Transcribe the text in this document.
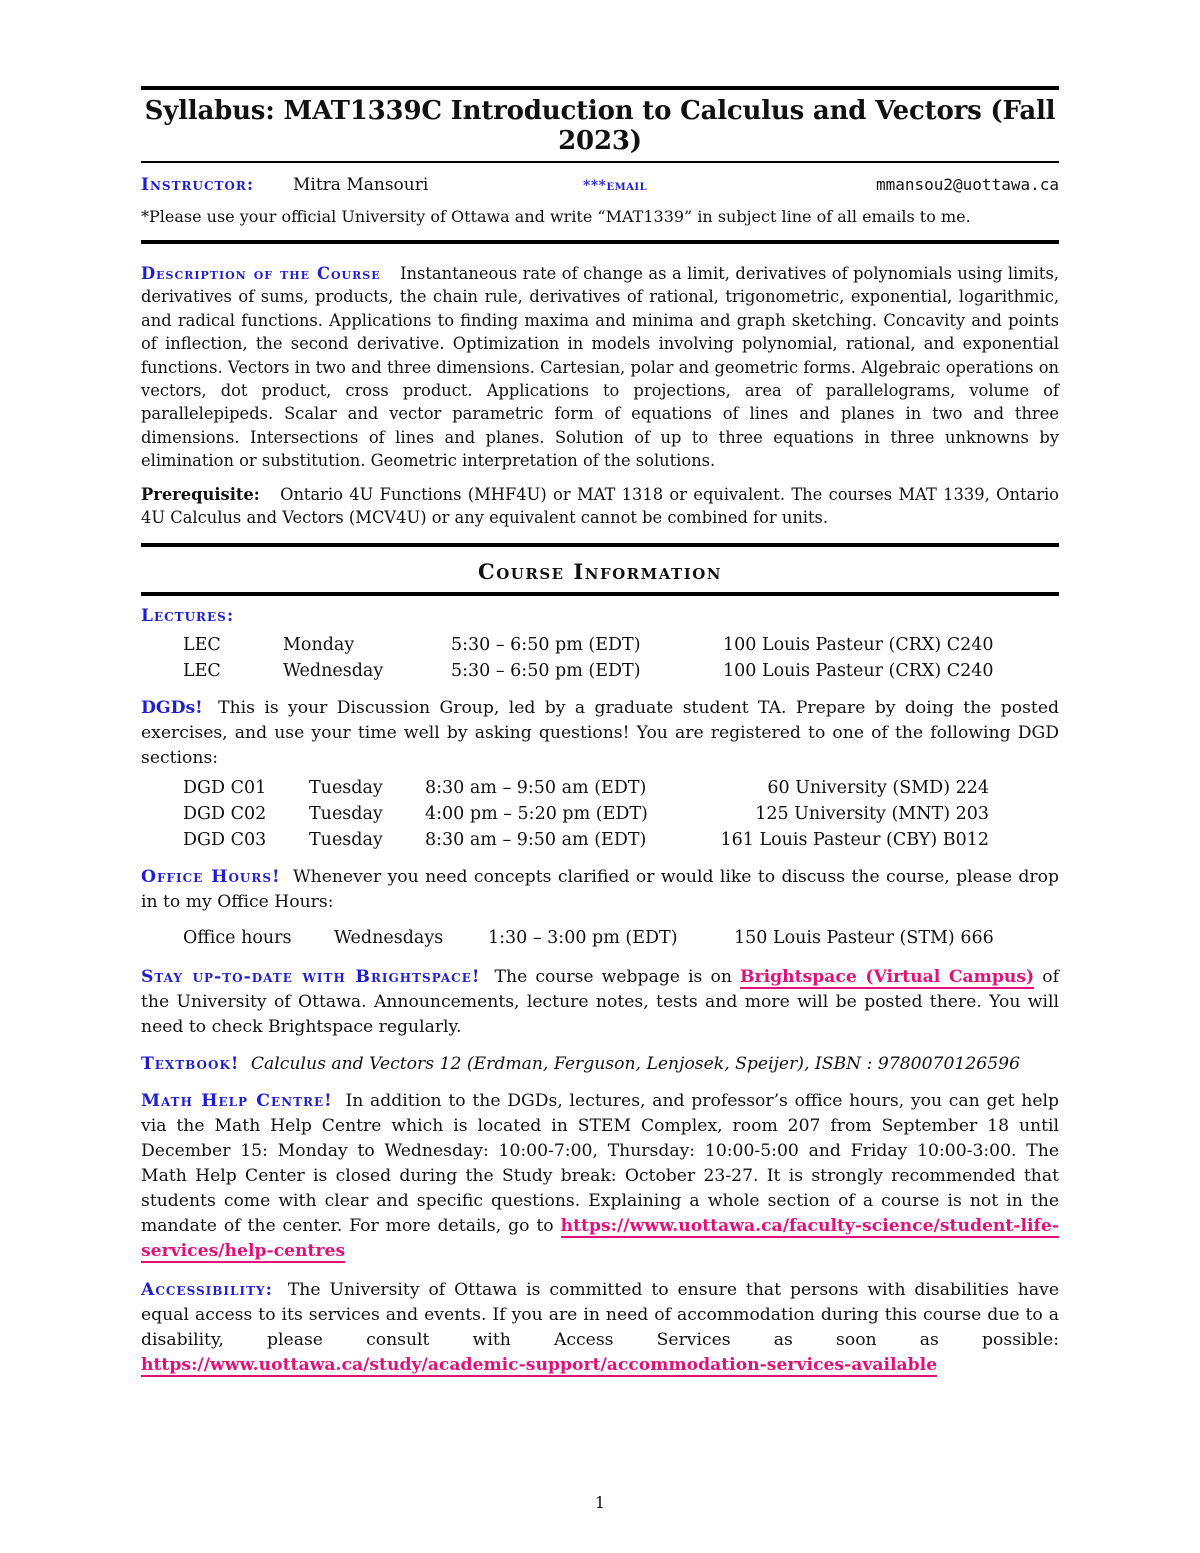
Syllabus: MAT1339C Introduction to Calculus and Vectors (Fall 2023)
Instructor:	Mitra Mansouri	***email	mmansou2@uottawa.ca
*Please use your official University of Ottawa and write “MAT1339” in subject line of all emails to me.
Description of the Course Instantaneous rate of change as a limit, derivatives of polynomials using limits, derivatives of sums, products, the chain rule, derivatives of rational, trigonometric, exponential, logarithmic, and radical functions. Applications to finding maxima and minima and graph sketching. Concavity and points of inflection, the second derivative. Optimization in models involving polynomial, rational, and exponential functions. Vectors in two and three dimensions. Cartesian, polar and geometric forms. Algebraic operations on vectors, dot product, cross product. Applications to projections, area of parallelograms, volume of parallelepipeds. Scalar and vector parametric form of equations of lines and planes in two and three dimensions. Intersections of lines and planes. Solution of up to three equations in three unknowns by elimination or substitution. Geometric interpretation of the solutions.
Prerequisite: Ontario 4U Functions (MHF4U) or MAT 1318 or equivalent. The courses MAT 1339, Ontario 4U Calculus and Vectors (MCV4U) or any equivalent cannot be combined for units.
Course Information
Lectures:
LEC	Monday	5:30 – 6:50 pm (EDT)	100 Louis Pasteur (CRX) C240
LEC	Wednesday	5:30 – 6:50 pm (EDT)	100 Louis Pasteur (CRX) C240
DGDs! This is your Discussion Group, led by a graduate student TA. Prepare by doing the posted exercises, and use your time well by asking questions! You are registered to one of the following DGD sections:
DGD C01	Tuesday	8:30 am – 9:50 am (EDT)	60 University (SMD) 224
DGD C02	Tuesday	4:00 pm – 5:20 pm (EDT)	125 University (MNT) 203
DGD C03	Tuesday	8:30 am – 9:50 am (EDT)	161 Louis Pasteur (CBY) B012
Office Hours! Whenever you need concepts clarified or would like to discuss the course, please drop in to my Office Hours:
Office hours	Wednesdays	1:30 – 3:00 pm (EDT)	150 Louis Pasteur (STM) 666
Stay up-to-date with Brightspace! The course webpage is on Brightspace (Virtual Campus) of the University of Ottawa. Announcements, lecture notes, tests and more will be posted there. You will need to check Brightspace regularly.
Textbook! Calculus and Vectors 12 (Erdman, Ferguson, Lenjosek, Speijer), ISBN : 9780070126596
Math Help Centre! In addition to the DGDs, lectures, and professor’s office hours, you can get help via the Math Help Centre which is located in STEM Complex, room 207 from September 18 until December 15: Monday to Wednesday: 10:00-7:00, Thursday: 10:00-5:00 and Friday 10:00-3:00. The Math Help Center is closed during the Study break: October 23-27. It is strongly recommended that students come with clear and specific questions. Explaining a whole section of a course is not in the mandate of the center. For more details, go to https://www.uottawa.ca/faculty-science/student-life-services/help-centres
Accessibility: The University of Ottawa is committed to ensure that persons with disabilities have equal access to its services and events. If you are in need of accommodation during this course due to a disability, please consult with Access Services as soon as possible: https://www.uottawa.ca/study/academic-support/accommodation-services-available
1
